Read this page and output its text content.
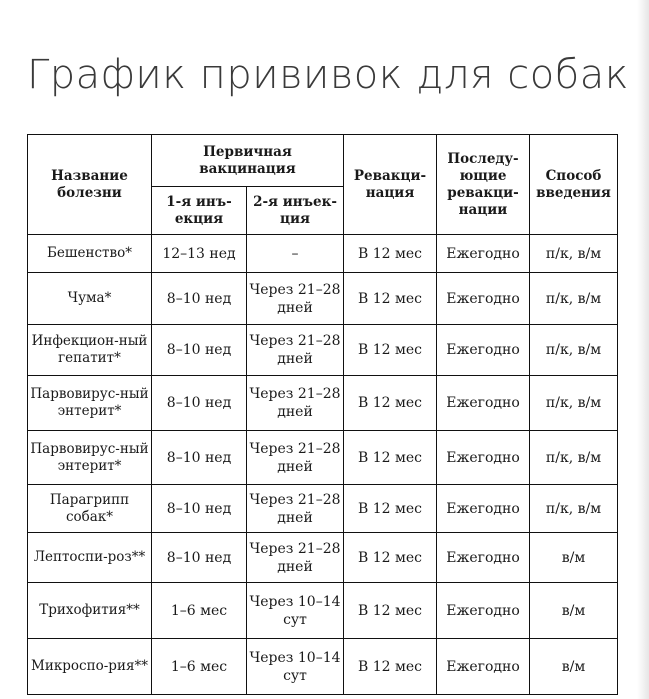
График прививок для собак
Название болезни	Первичная вакцинация		Ревакци-нация	Последу-ющие ревакци-нации	Способ введения
	1-я инъ-екция	2-я инъек-ция			
Бешенство*	12–13 нед	–	В 12 мес	Ежегодно	п/к, в/м
Чума*	8–10 нед	Через 21–28 дней	В 12 мес	Ежегодно	п/к, в/м
Инфекцион-ный гепатит*	8–10 нед	Через 21–28 дней	В 12 мес	Ежегодно	п/к, в/м
Парвовирус-ный энтерит*	8–10 нед	Через 21–28 дней	В 12 мес	Ежегодно	п/к, в/м
Парвовирус-ный энтерит*	8–10 нед	Через 21–28 дней	В 12 мес	Ежегодно	п/к, в/м
Парагрипп собак*	8–10 нед	Через 21–28 дней	В 12 мес	Ежегодно	п/к, в/м
Лептоспи-роз**	8–10 нед	Через 21–28 дней	В 12 мес	Ежегодно	в/м
Трихофития**	1–6 мес	Через 10–14 сут	В 12 мес	Ежегодно	в/м
Микроспо-рия**	1–6 мес	Через 10–14 сут	В 12 мес	Ежегодно	в/м
